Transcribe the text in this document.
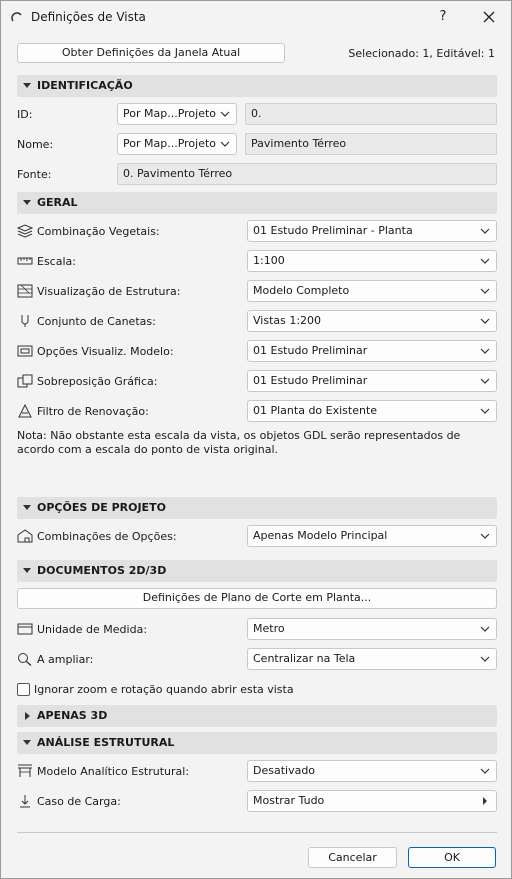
Definições de Vista	?
Obter Definições da Janela Atual	Selecionado: 1, Editável: 1
IDENTIFICAÇÃO
ID:	Por Map...Projeto	0.
Nome:	Por Map...Projeto	Pavimento Térreo
Fonte:	0. Pavimento Térreo
GERAL
Combinação Vegetais:	01 Estudo Preliminar - Planta
Escala:	1:100
Visualização de Estrutura:	Modelo Completo
Conjunto de Canetas:	Vistas 1:200
Opções Visualiz. Modelo:	01 Estudo Preliminar
Sobreposição Gráfica:	01 Estudo Preliminar
Filtro de Renovação:	01 Planta do Existente
Nota: Não obstante esta escala da vista, os objetos GDL serão representados de acordo com a escala do ponto de vista original.
OPÇÕES DE PROJETO
Combinações de Opções:	Apenas Modelo Principal
DOCUMENTOS 2D/3D
Definições de Plano de Corte em Planta...
Unidade de Medida:	Metro
A ampliar:	Centralizar na Tela
Ignorar zoom e rotação quando abrir esta vista
APENAS 3D
ANÁLISE ESTRUTURAL
Modelo Analítico Estrutural:	Desativado
Caso de Carga:	Mostrar Tudo
Cancelar	OK
